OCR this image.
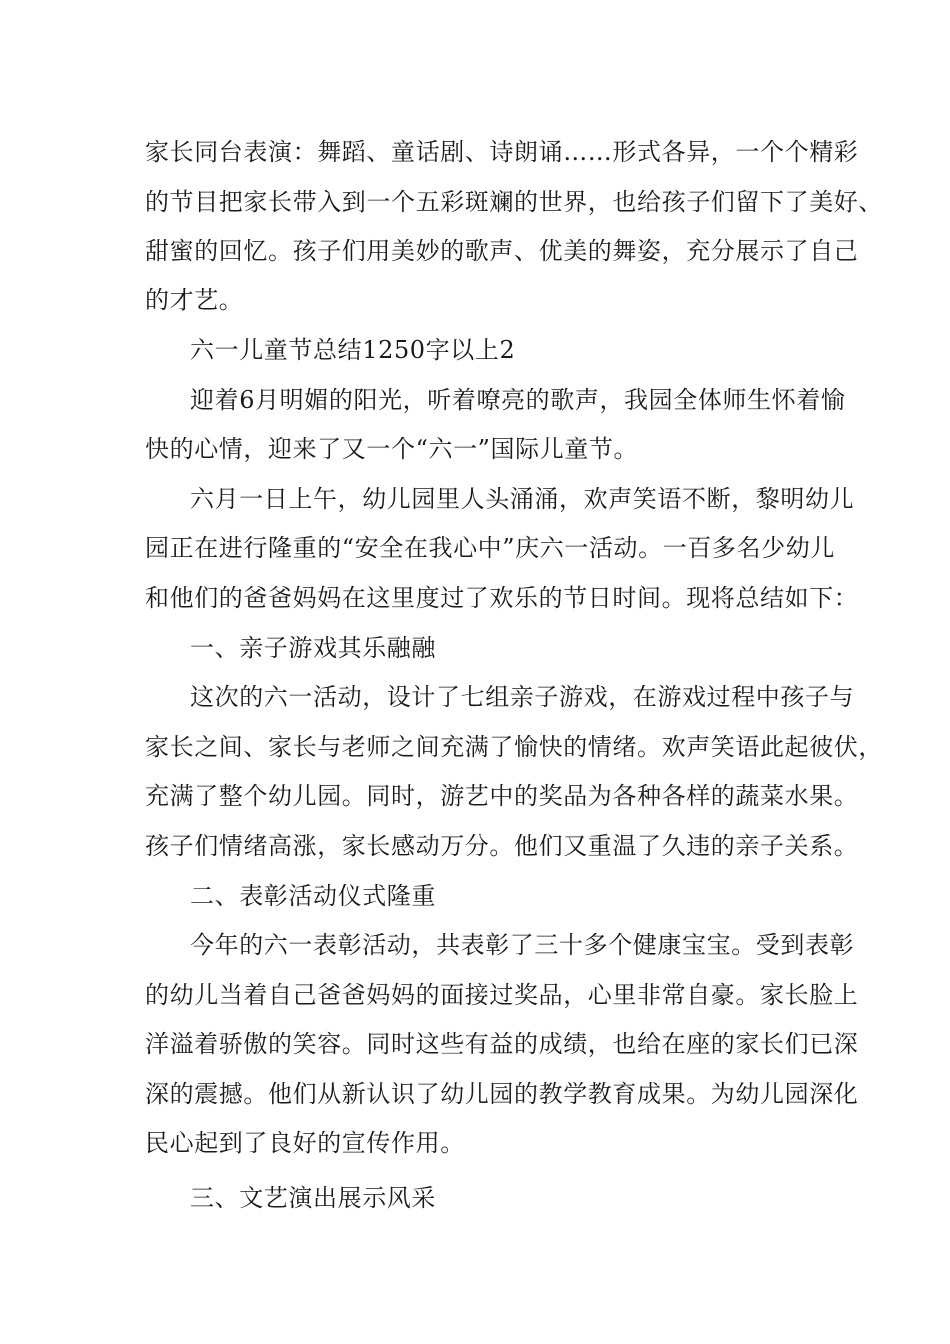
家长同台表演：舞蹈、童话剧、诗朗诵……形式各异，一个个精彩
的节目把家长带入到一个五彩斑斓的世界，也给孩子们留下了美好、
甜蜜的回忆。孩子们用美妙的歌声、优美的舞姿，充分展示了自己
的才艺。
六一儿童节总结1250字以上2
迎着6月明媚的阳光，听着嘹亮的歌声，我园全体师生怀着愉
快的心情，迎来了又一个“六一”国际儿童节。
六月一日上午，幼儿园里人头涌涌，欢声笑语不断，黎明幼儿
园正在进行隆重的“安全在我心中”庆六一活动。一百多名少幼儿
和他们的爸爸妈妈在这里度过了欢乐的节日时间。现将总结如下：
一、亲子游戏其乐融融
这次的六一活动，设计了七组亲子游戏，在游戏过程中孩子与
家长之间、家长与老师之间充满了愉快的情绪。欢声笑语此起彼伏，
充满了整个幼儿园。同时，游艺中的奖品为各种各样的蔬菜水果。
孩子们情绪高涨，家长感动万分。他们又重温了久违的亲子关系。
二、表彰活动仪式隆重
今年的六一表彰活动，共表彰了三十多个健康宝宝。受到表彰
的幼儿当着自己爸爸妈妈的面接过奖品，心里非常自豪。家长脸上
洋溢着骄傲的笑容。同时这些有益的成绩，也给在座的家长们已深
深的震撼。他们从新认识了幼儿园的教学教育成果。为幼儿园深化
民心起到了良好的宣传作用。
三、文艺演出展示风采
